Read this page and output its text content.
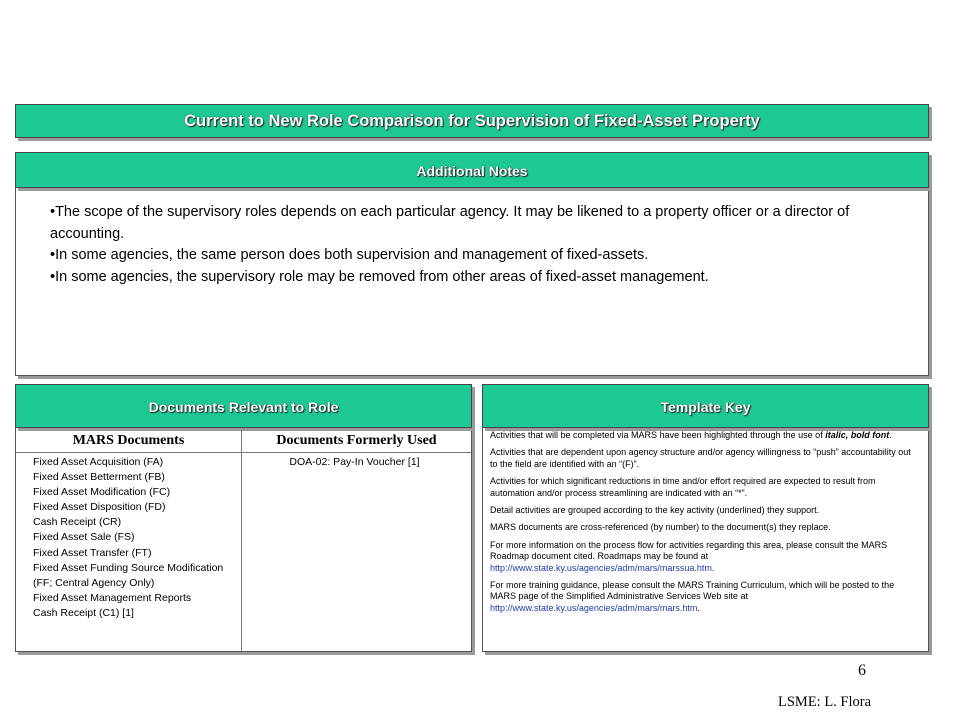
Current to New Role Comparison for Supervision of Fixed-Asset Property
Additional Notes

•The scope of the supervisory roles depends on each particular agency. It may be likened to a property officer or a director of accounting.

•In some agencies, the same person does both supervision and management of fixed-assets.

•In some agencies, the supervisory role may be removed from other areas of fixed-asset management.

Documents Relevant to Role
MARS Documents
Fixed Asset Acquisition (FA)
Fixed Asset Betterment (FB)
Fixed Asset Modification (FC)
Fixed Asset Disposition (FD)
Cash Receipt (CR)
Fixed Asset Sale (FS)
Fixed Asset Transfer (FT)
Fixed Asset Funding Source Modification (FF; Central Agency Only)
Fixed Asset Management Reports
Cash Receipt (C1) [1]
Documents Formerly Used
DOA-02: Pay-In Voucher [1]
Template Key

Activities that will be completed via MARS have been highlighted through the use of italic, bold font.

Activities that are dependent upon agency structure and/or agency willingness to “push” accountability out to the field are identified with an “(F)”.

Activities for which significant reductions in time and/or effort required are expected to result from automation and/or process streamlining are indicated with an “*”.

Detail activities are grouped according to the key activity (underlined) they support.

MARS documents are cross-referenced (by number) to the document(s) they replace.

For more information on the process flow for activities regarding this area, please consult the MARS Roadmap document cited. Roadmaps may be found at http://www.state.ky.us/agencies/adm/mars/marssua.htm.

For more training guidance, please consult the MARS Training Curriculum, which will be posted to the MARS page of the Simplified Administrative Services Web site at http://www.state.ky.us/agencies/adm/mars/mars.htm.

6
LSME: L. Flora
